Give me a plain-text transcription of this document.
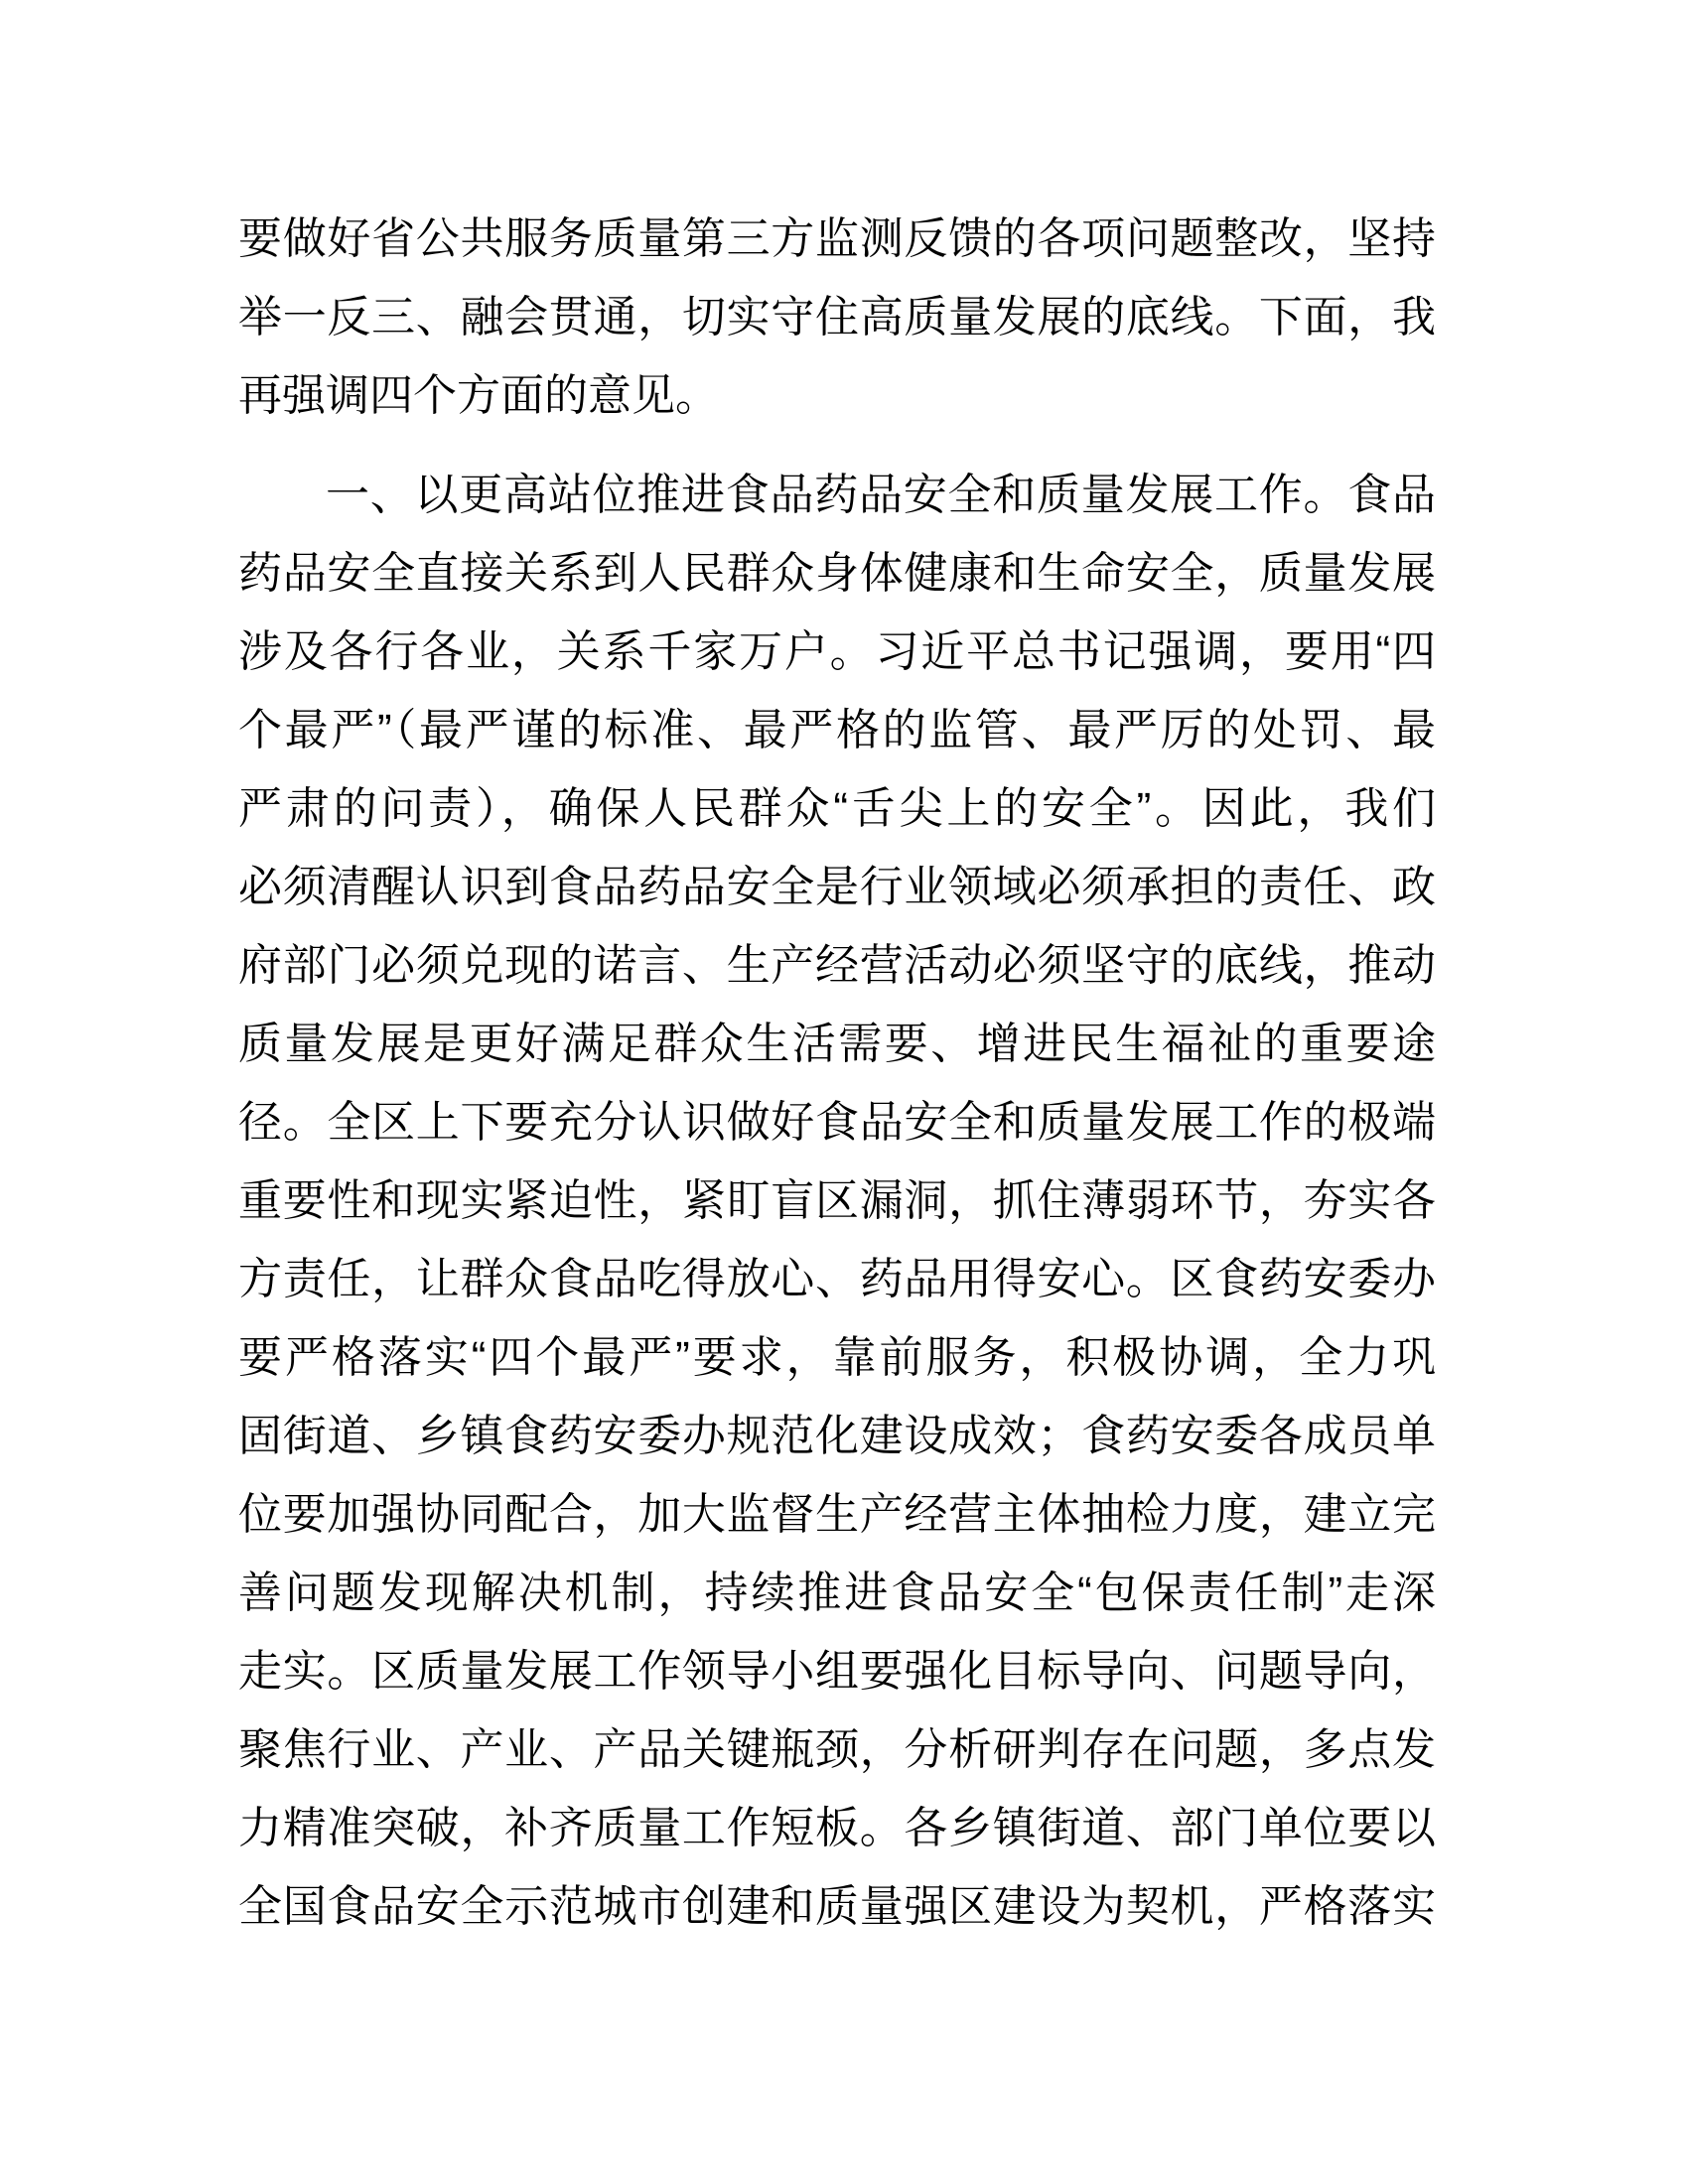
要做好省公共服务质量第三方监测反馈的各项问题整改，坚持
举一反三、融会贯通，切实守住高质量发展的底线。下面，我
再强调四个方面的意见。
一、以更高站位推进食品药品安全和质量发展工作。食品
药品安全直接关系到人民群众身体健康和生命安全，质量发展
涉及各行各业，关系千家万户。习近平总书记强调，要用“四
个最严”（最严谨的标准、最严格的监管、最严厉的处罚、最
严肃的问责），确保人民群众“舌尖上的安全”。因此，我们
必须清醒认识到食品药品安全是行业领域必须承担的责任、政
府部门必须兑现的诺言、生产经营活动必须坚守的底线，推动
质量发展是更好满足群众生活需要、增进民生福祉的重要途
径。全区上下要充分认识做好食品安全和质量发展工作的极端
重要性和现实紧迫性，紧盯盲区漏洞，抓住薄弱环节，夯实各
方责任，让群众食品吃得放心、药品用得安心。区食药安委办
要严格落实“四个最严”要求，靠前服务，积极协调，全力巩
固街道、乡镇食药安委办规范化建设成效；食药安委各成员单
位要加强协同配合，加大监督生产经营主体抽检力度，建立完
善问题发现解决机制，持续推进食品安全“包保责任制”走深
走实。区质量发展工作领导小组要强化目标导向、问题导向，
聚焦行业、产业、产品关键瓶颈，分析研判存在问题，多点发
力精准突破，补齐质量工作短板。各乡镇街道、部门单位要以
全国食品安全示范城市创建和质量强区建设为契机，严格落实
